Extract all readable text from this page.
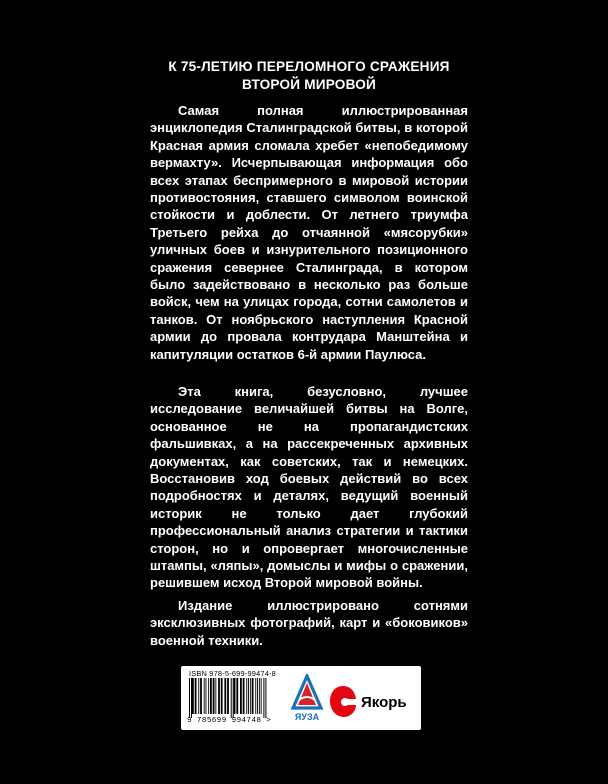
К 75-ЛЕТИЮ ПЕРЕЛОМНОГО СРАЖЕНИЯ
ВТОРОЙ МИРОВОЙ

Самая полная иллюстрированная энциклопедия Сталинградской битвы, в которой Красная армия сломала хребет «непобедимому вермахту». Исчерпывающая информация обо всех этапах беспримерного в мировой истории противостояния, ставшего символом воинской стойкости и доблести. От летнего триумфа Третьего рейха до отчаянной «мясорубки» уличных боев и изнурительного позиционного сражения севернее Сталинграда, в котором было задействовано в несколько раз больше войск, чем на улицах города, сотни самолетов и танков. От ноябрьского наступления Красной армии до провала контрудара Манштейна и капитуляции остатков 6-й армии Паулюса.

Эта книга, безусловно, лучшее исследование величайшей битвы на Волге, основанное не на пропагандистских фальшивках, а на рассекреченных архивных документах, как советских, так и немецких. Восстановив ход боевых действий во всех подробностях и деталях, ведущий военный историк не только дает глубокий профессиональный анализ стратегии и тактики сторон, но и опровергает многочисленные штампы, «ляпы», домыслы и мифы о сражении, решившем исход Второй мировой войны.

Издание иллюстрировано сотнями эксклюзивных фотографий, карт и «боковиков» военной техники.

ISBN 978-5-699-99474-8
9 785699 994748 >	ЯУЗА
Якорь
